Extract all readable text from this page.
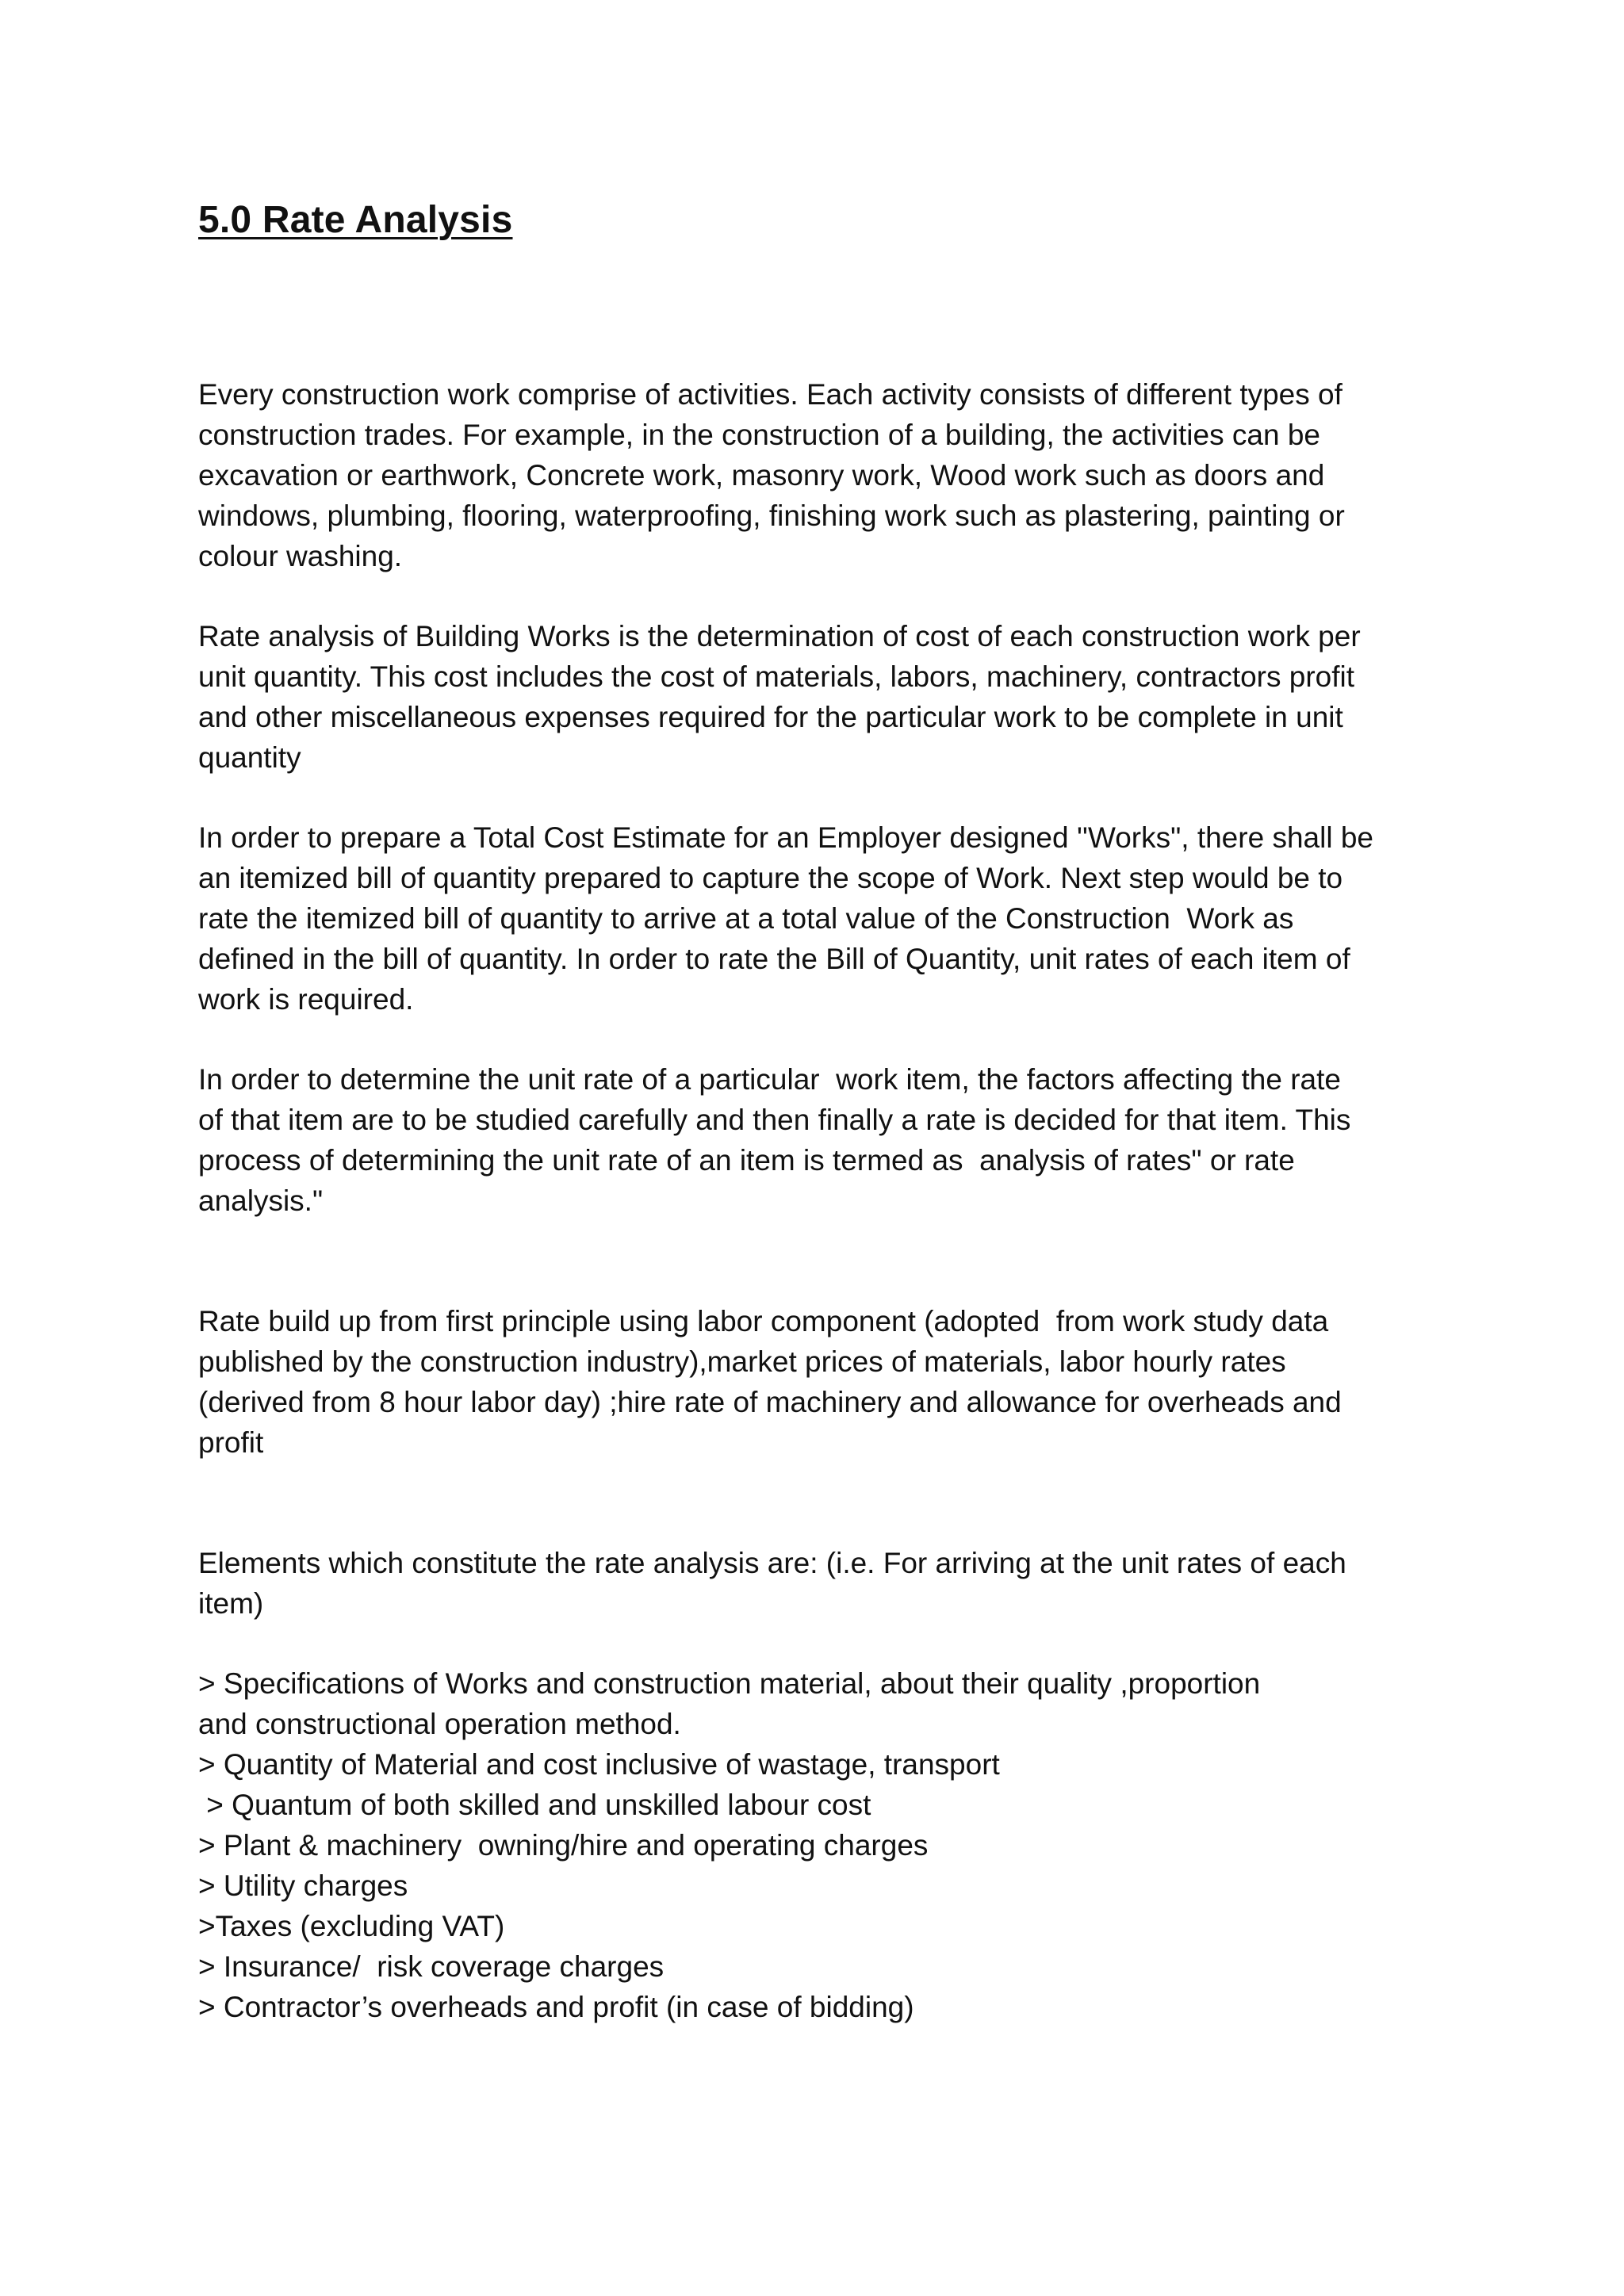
5.0 Rate Analysis

Every construction work comprise of activities. Each activity consists of different types of
construction trades. For example, in the construction of a building, the activities can be
excavation or earthwork, Concrete work, masonry work, Wood work such as doors and
windows, plumbing, flooring, waterproofing, finishing work such as plastering, painting or
colour washing.

Rate analysis of Building Works is the determination of cost of each construction work per
unit quantity. This cost includes the cost of materials, labors, machinery, contractors profit
and other miscellaneous expenses required for the particular work to be complete in unit
quantity

In order to prepare a Total Cost Estimate for an Employer designed ''Works", there shall be
an itemized bill of quantity prepared to capture the scope of Work. Next step would be to
rate the itemized bill of quantity to arrive at a total value of the Construction  Work as
defined in the bill of quantity. In order to rate the Bill of Quantity, unit rates of each item of
work is required.

In order to determine the unit rate of a particular  work item, the factors affecting the rate
of that item are to be studied carefully and then finally a rate is decided for that item. This
process of determining the unit rate of an item is termed as  analysis of rates" or rate
analysis."

Rate build up from first principle using labor component (adopted  from work study data
published by the construction industry),market prices of materials, labor hourly rates
(derived from 8 hour labor day) ;hire rate of machinery and allowance for overheads and
profit

Elements which constitute the rate analysis are: (i.e. For arriving at the unit rates of each
item)

> Specifications of Works and construction material, about their quality ,proportion
and constructional operation method.
> Quantity of Material and cost inclusive of wastage, transport
> Quantum of both skilled and unskilled labour cost
> Plant & machinery  owning/hire and operating charges
> Utility charges
>Taxes (excluding VAT)
> Insurance/  risk coverage charges
> Contractor’s overheads and profit (in case of bidding)
